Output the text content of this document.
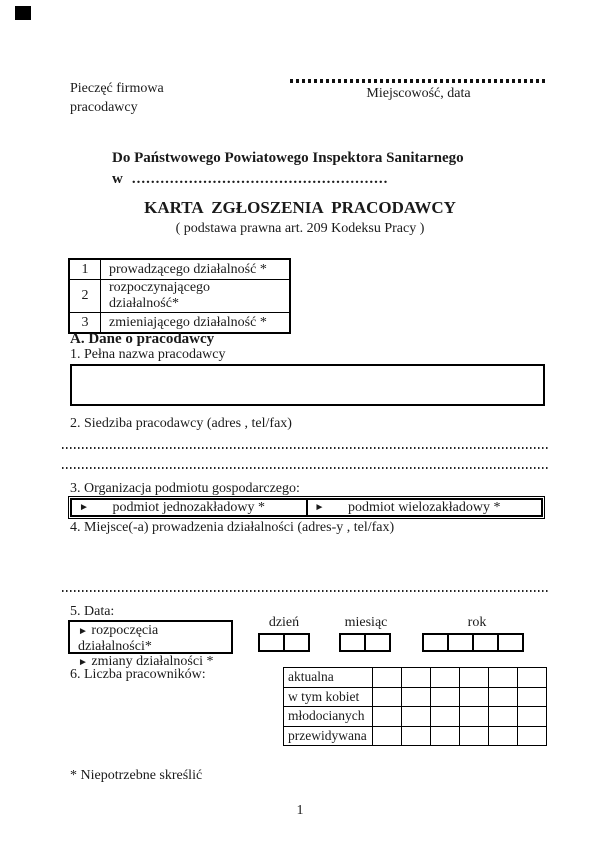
Pieczęć firmowa
pracodawcy
Miejscowość, data
Do Państwowego Powiatowego Inspektora Sanitarnego
w ......................................................
KARTA  ZGŁOSZENIA  PRACODAWCY
( podstawa prawna art. 209 Kodeksu Pracy )
1	prowadzącego działalność *
2	rozpoczynającego działalność*
3	zmieniającego działalność *
A. Dane o pracodawcy
1. Pełna nazwa pracodawcy
2. Siedziba pracodawcy (adres , tel/fax)
3. Organizacja podmiotu gospodarczego:
► podmiot jednozakładowy *	► podmiot wielozakładowy *
4. Miejsce(-a) prowadzenia działalności (adres-y , tel/fax)
5. Data:
► rozpoczęcia działalności*
► zmiany działalności *
dzień	miesiąc	rok
6. Liczba pracowników:	aktualna						
w tym kobiet						
młodocianych						
przewidywana						
* Niepotrzebne skreślić
1
